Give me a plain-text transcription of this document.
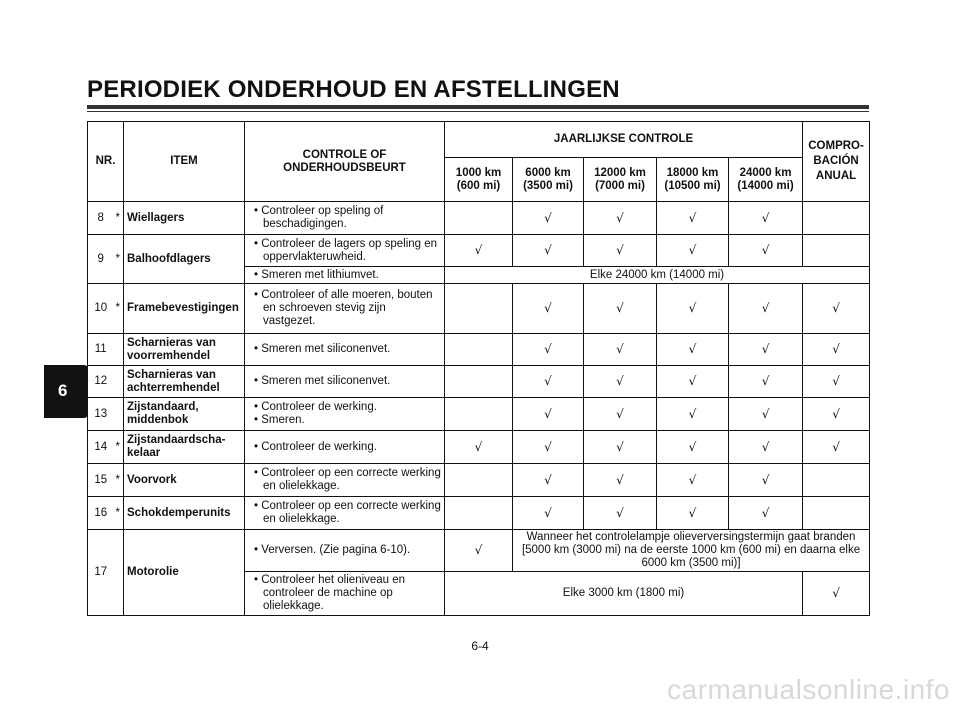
PERIODIEK ONDERHOUD EN AFSTELLINGEN
6
NR.		ITEM	CONTROLE OF
ONDERHOUDSBEURT	JAARLIJKSE CONTROLE					COMPRO-
BACIÓN
ANUAL
				1000 km
(600 mi)	6000 km
(3500 mi)	12000 km
(7000 mi)	18000 km
(10500 mi)	24000 km
(14000 mi)	
8	*	Wiellagers	• Controleer op speling of beschadigingen.		√	√	√	√	
9	*	Balhoofdlagers	• Controleer de lagers op speling en oppervlakteruwheid.	√	√	√	√	√	

			• Smeren met lithiumvet.	Elke 24000 km (14000 mi)					
10	*	Framebevestigingen	• Controleer of alle moeren, bouten en schroeven stevig zijn vastgezet.		√	√	√	√	√
11		Scharnieras van voorremhendel	• Smeren met siliconenvet.		√	√	√	√	√
12		Scharnieras van achterremhendel	• Smeren met siliconenvet.		√	√	√	√	√
13		Zijstandaard, middenbok	• Controleer de werking.
• Smeren.		√	√	√	√	√
14	*	Zijstandaardscha-kelaar	• Controleer de werking.	√	√	√	√	√	√
15	*	Voorvork	• Controleer op een correcte werking en olielekkage.		√	√	√	√	
16	*	Schokdemperunits	• Controleer op een correcte werking en olielekkage.		√	√	√	√	
17		Motorolie	• Verversen. (Zie pagina 6-10).	√	Wanneer het controlelampje olieverversingstermijn gaat branden [5000 km (3000 mi) na de eerste 1000 km (600 mi) en daarna elke 6000 km (3500 mi)]				

			• Controleer het olieniveau en controleer de machine op olielekkage.	Elke 3000 km (1800 mi)					√
6-4
carmanualsonline.info
